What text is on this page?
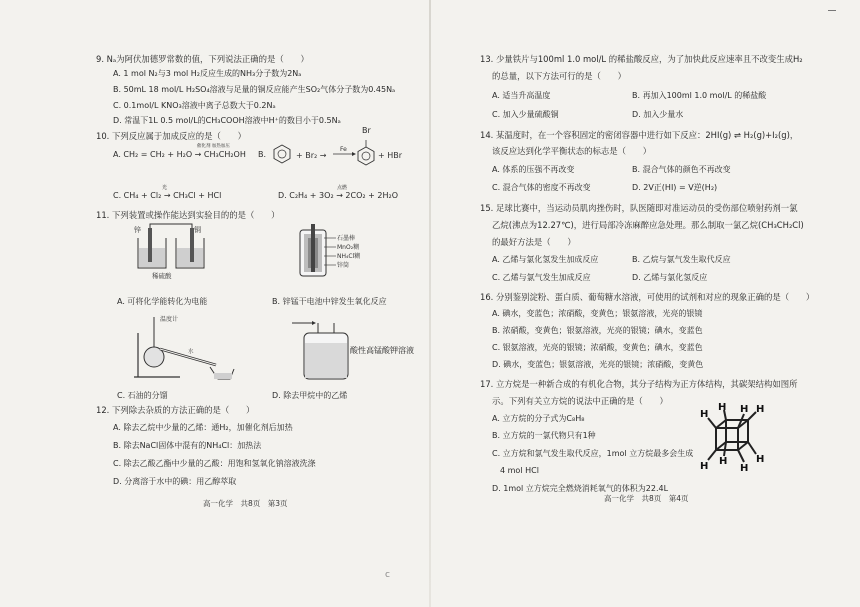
9. Nₐ为阿伏加德罗常数的值，下列说法正确的是（　　）
A. 1 mol N₂与3 mol H₂反应生成的NH₃分子数为2Nₐ
B. 50mL 18 mol/L H₂SO₄溶液与足量的铜反应能产生SO₂气体分子数为0.45Nₐ
C. 0.1mol/L KNO₃溶液中离子总数大于0.2Nₐ
D. 常温下1L 0.5 mol/L的CH₃COOH溶液中H⁺的数目小于0.5Nₐ
10. 下列反应属于加成反应的是（　　）
A. CH₂ = CH₂ + H₂O → CH₃CH₂OH
催化剂 加热加压
B.	+ Br₂ →
Fe
+ HBr
Br
C. CH₄ + Cl₂ → CH₃Cl + HCl
光
D. C₂H₄ + 3O₂ → 2CO₂ + 2H₂O
点燃
11. 下列装置或操作能达到实验目的的是（　　）
锌	铜
稀硫酸
石墨棒
MnO₂糊
NH₄Cl糊
锌筒
A. 可将化学能转化为电能	B. 锌锰干电池中锌发生氧化反应
温度计
水	酸性高锰酸钾溶液
C. 石油的分馏	D. 除去甲烷中的乙烯
12. 下列除去杂质的方法正确的是（　　）
A. 除去乙烷中少量的乙烯：通H₂，加催化剂后加热
B. 除去NaCl固体中混有的NH₄Cl：加热法
C. 除去乙酸乙酯中少量的乙酸：用饱和氢氧化钠溶液洗涤
D. 分离溶于水中的碘：用乙醇萃取
高一化学　共8页　第3页
13. 少量铁片与100ml 1.0 mol/L 的稀盐酸反应，为了加快此反应速率且不改变生成H₂
的总量，以下方法可行的是（　　）
A. 适当升高温度	B. 再加入100ml 1.0 mol/L 的稀盐酸
C. 加入少量硫酸铜	D. 加入少量水
14. 某温度时，在一个容积固定的密闭容器中进行如下反应：2HI(g) ⇌ H₂(g)+I₂(g)，
该反应达到化学平衡状态的标志是（　　）
A. 体系的压强不再改变	B. 混合气体的颜色不再改变
C. 混合气体的密度不再改变	D. 2V正(HI) = V逆(H₂)
15. 足球比赛中，当运动员肌肉挫伤时，队医随即对准运动员的受伤部位喷射药剂一氯
乙烷(沸点为12.27℃)，进行局部冷冻麻醉应急处理。那么制取一氯乙烷(CH₃CH₂Cl)
的最好方法是（　　）
A. 乙烯与氯化氢发生加成反应	B. 乙烷与氯气发生取代反应
C. 乙烯与氯气发生加成反应	D. 乙烯与氯化氢反应
16. 分别鉴别淀粉、蛋白质、葡萄糖水溶液，可使用的试剂和对应的现象正确的是（　　）
A. 碘水，变蓝色；浓硝酸，变黄色；银氨溶液，光亮的银镜
B. 浓硝酸，变黄色；银氨溶液，光亮的银镜；碘水，变蓝色
C. 银氨溶液，光亮的银镜；浓硝酸，变黄色；碘水，变蓝色
D. 碘水，变蓝色；银氨溶液，光亮的银镜；浓硝酸，变黄色
17. 立方烷是一种新合成的有机化合物，其分子结构为正方体结构，其碳架结构如图所
示。下列有关立方烷的说法中正确的是（　　）
A. 立方烷的分子式为C₈H₈
B. 立方烷的一氯代物只有1种
C. 立方烷和氯气发生取代反应，1mol 立方烷最多会生成
4 mol HCl
D. 1mol 立方烷完全燃烧消耗氧气的体积为22.4L
H
H H H
H	H
H
H
高一化学　共8页　第4页
c
